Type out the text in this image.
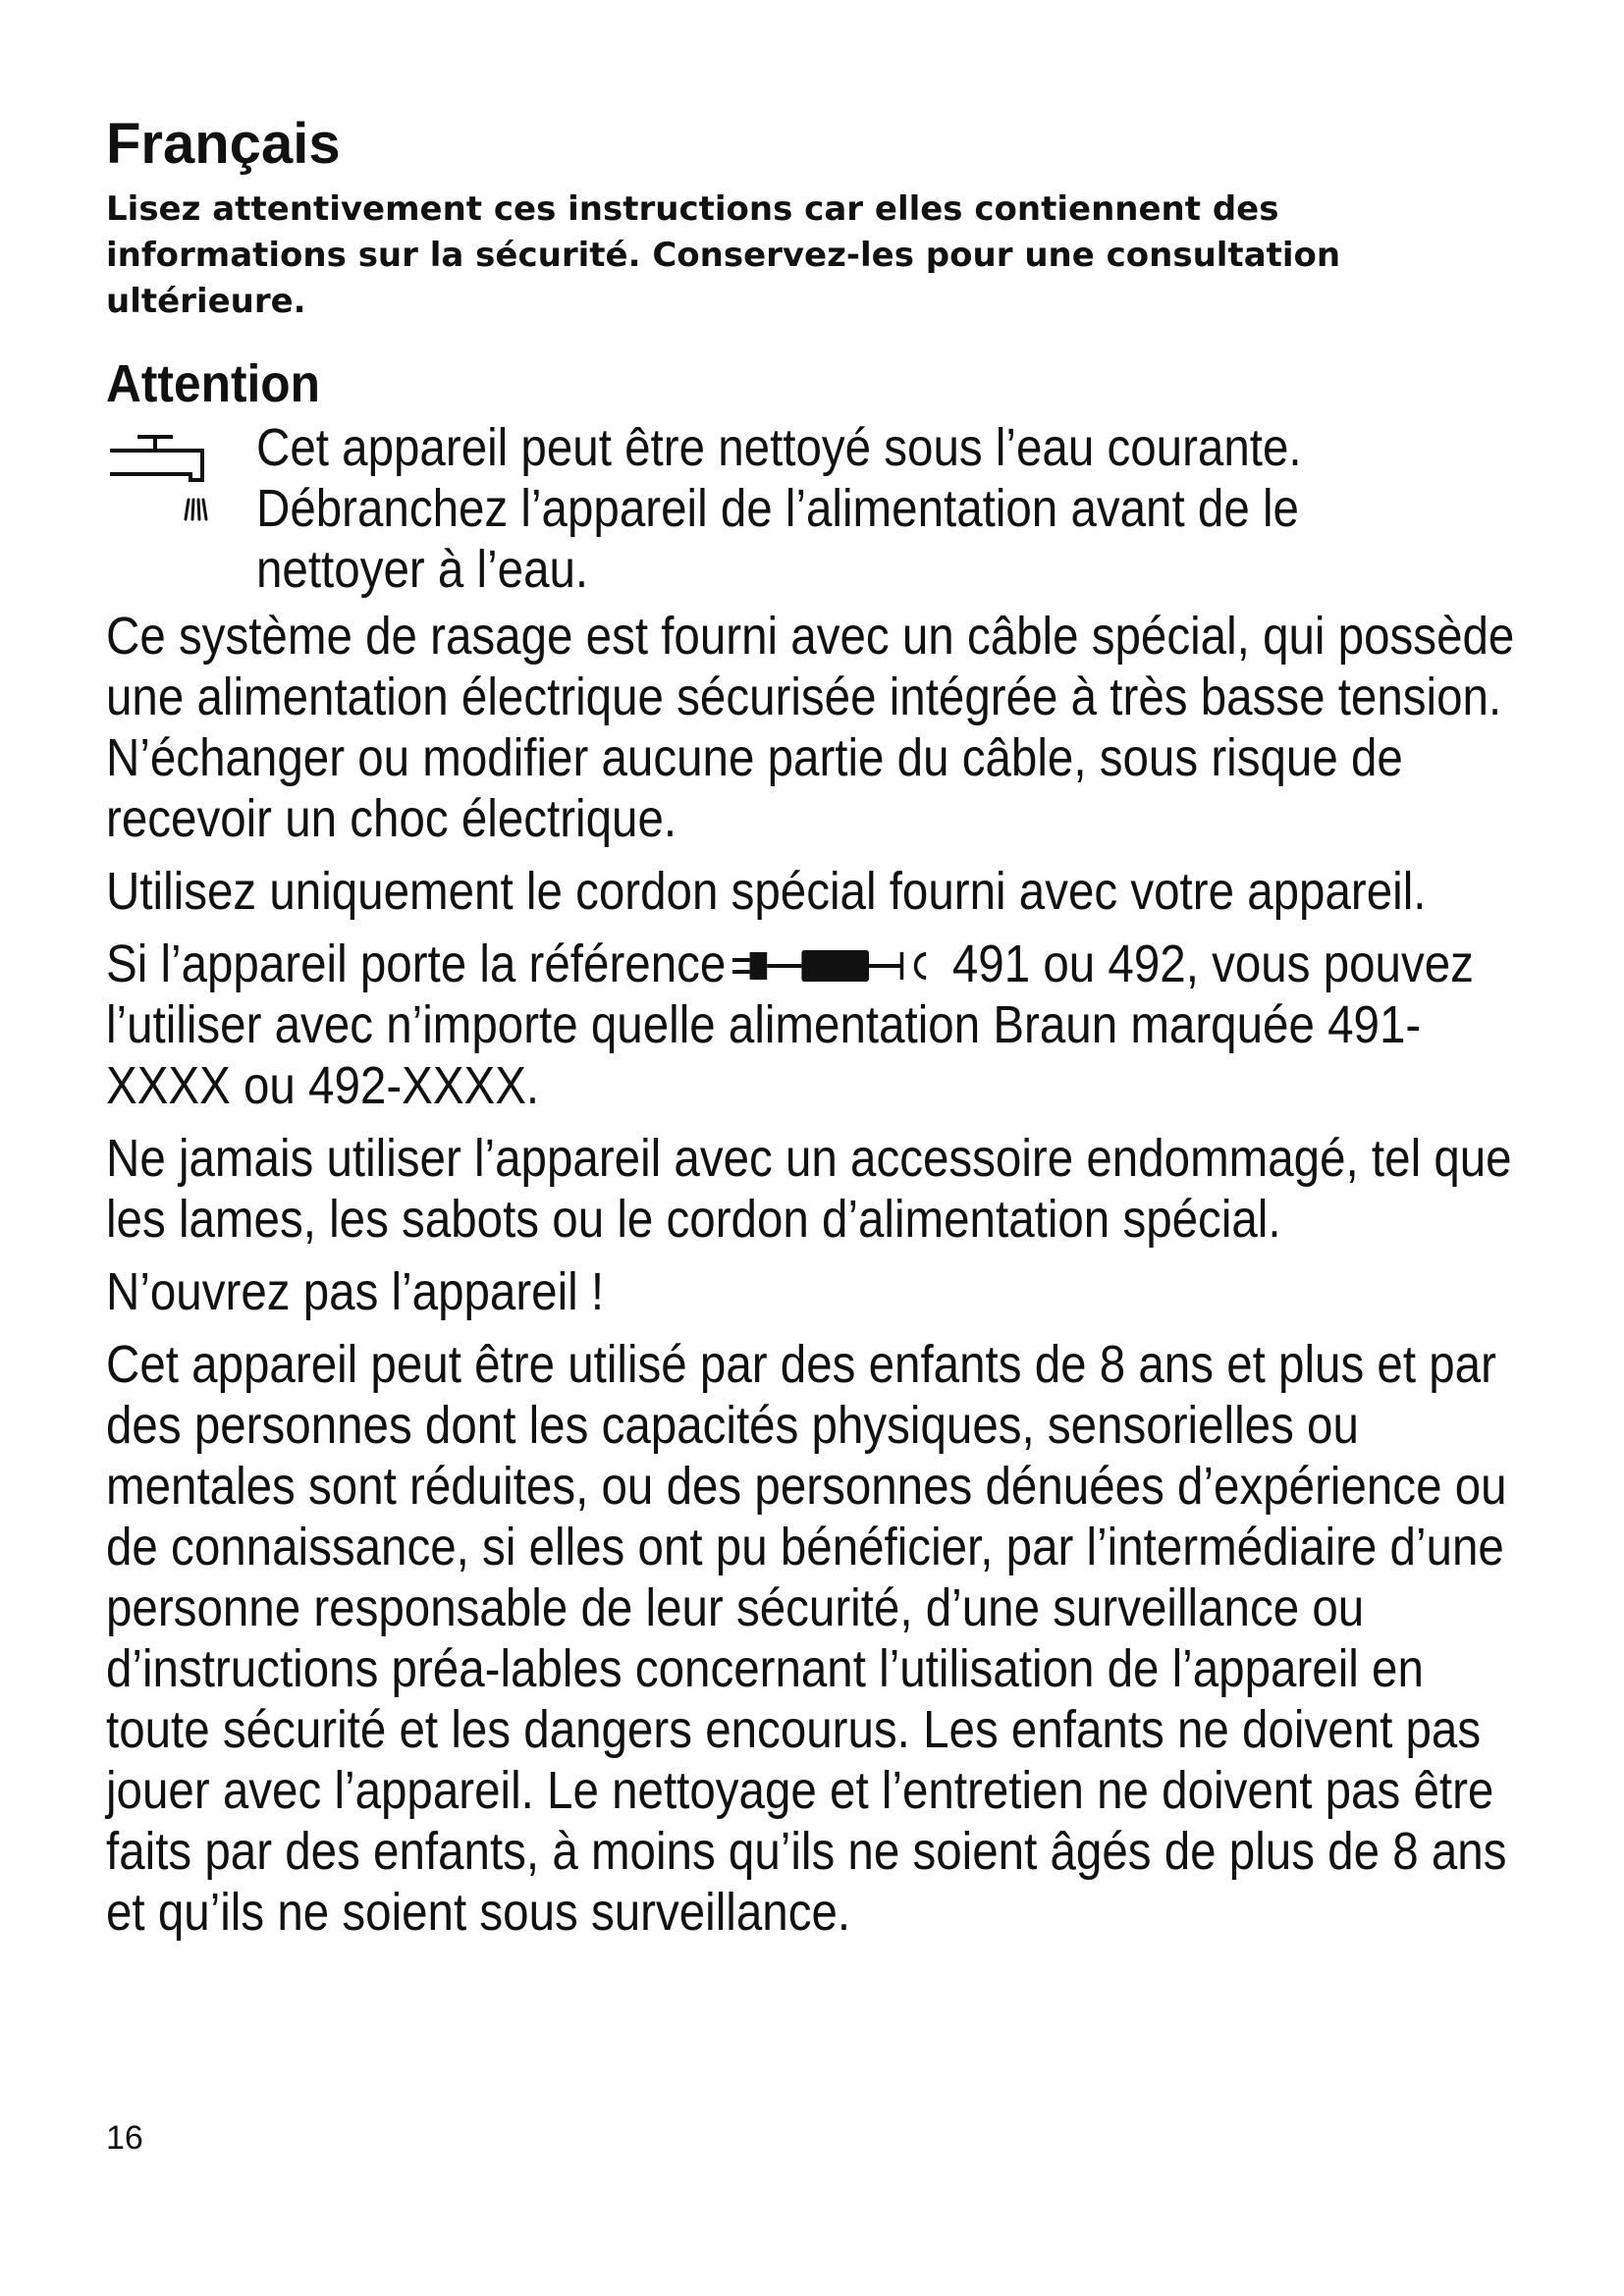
Français

Lisez attentivement ces instructions car elles contiennent des informations sur la sécurité. Conservez-les pour une consultation ultérieure.

Attention
Cet appareil peut être nettoyé sous l’eau courante.
Débranchez l’appareil de l’alimentation avant de le
nettoyer à l’eau.

Ce système de rasage est fourni avec un câble spécial, qui possède une alimentation électrique sécurisée intégrée à très basse tension. N’échanger ou modifier aucune partie du câble, sous risque de recevoir un choc électrique.

Utilisez uniquement le cordon spécial fourni avec votre appareil.

Si l’appareil porte la référence	491 ou 492, vous pouvez l’utiliser avec n’importe quelle alimentation Braun marquée 491-XXXX ou 492-XXXX.

Ne jamais utiliser l’appareil avec un accessoire endommagé, tel que les lames, les sabots ou le cordon d’alimentation spécial.

N’ouvrez pas l’appareil !

Cet appareil peut être utilisé par des enfants de 8 ans et plus et par des personnes dont les capacités physiques, sensorielles ou mentales sont réduites, ou des personnes dénuées d’expérience ou de connaissance, si elles ont pu bénéficier, par l’intermédiaire d’une personne responsable de leur sécurité, d’une surveillance ou d’instructions préa-lables concernant l’utilisation de l’appareil en toute sécurité et les dangers encourus. Les enfants ne doivent pas jouer avec l’appareil. Le nettoyage et l’entretien ne doivent pas être faits par des enfants, à moins qu’ils ne soient âgés de plus de 8 ans et qu’ils ne soient sous surveillance.

16
